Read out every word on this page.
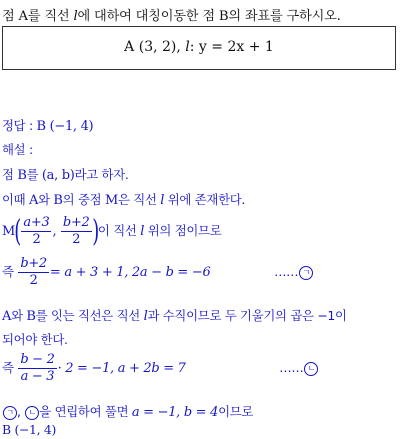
점 A를 직선 l에 대하여 대칭이동한 점 B의 좌표를 구하시오.
A (3, 2), l: y = 2x + 1
정답 : B (−1, 4)
해설 :
점 B를 (a, b)라고 하자.
이때 A와 B의 중점 M은 직선 l 위에 존재한다.
$M( \frac{a+3}{2}$ , $\frac{b+2}{2}$ )이 직선 l 위의 점이므로
즉 $\frac{b+2}{2} = a + 3 + 1$, 2a − b = −6	…… ㄱ
A와 B를 잇는 직선은 직선 l과 수직이므로 두 기울기의 곱은 −1이
되어야 한다.
즉 $\frac{b - 2}{a - 3} \cdot 2 = -1$, a + 2b = 7	…… ㄴ
ㄱ , ㄴ 을 연립하여 풀면 a = −1, b = 4이므로
B (−1, 4)
